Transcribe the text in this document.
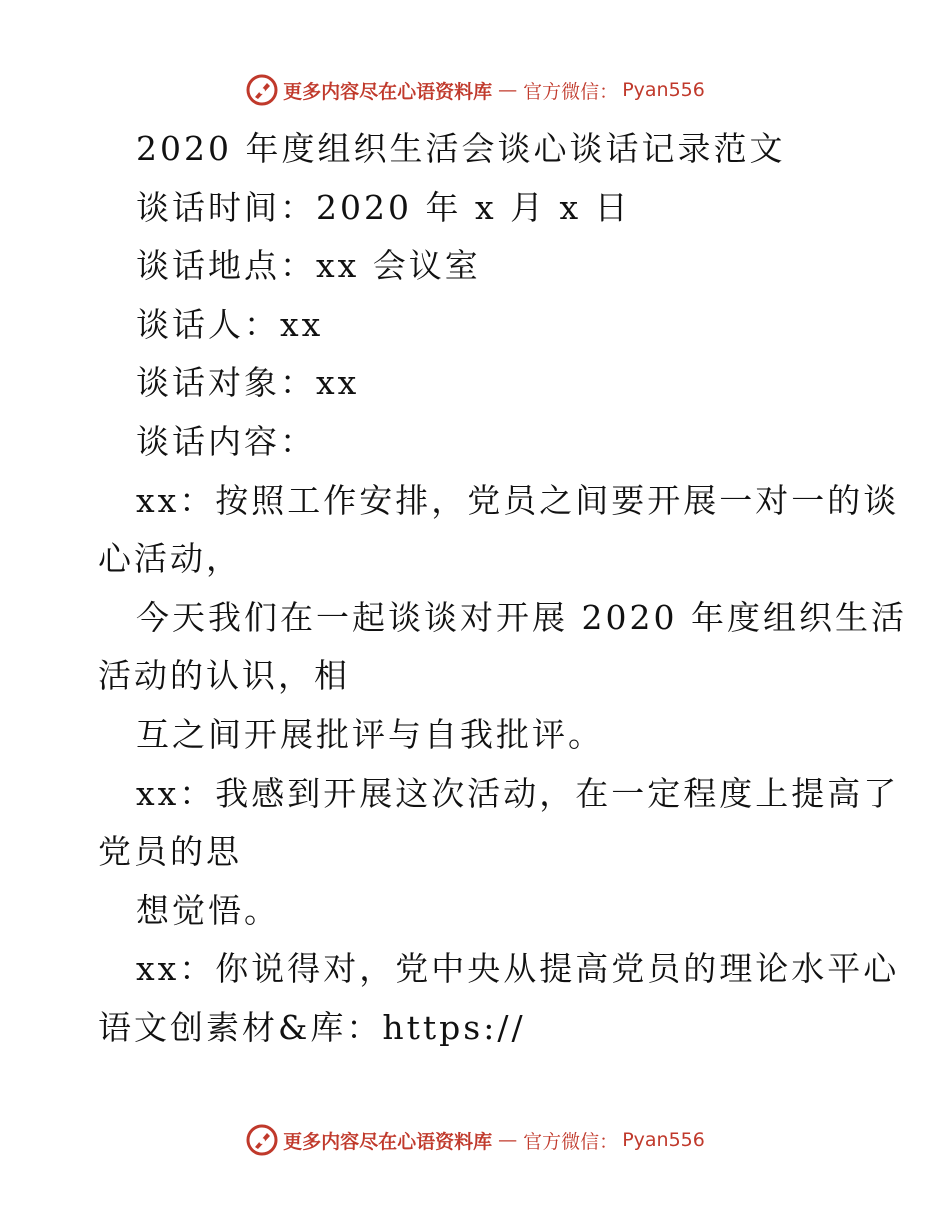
更多内容尽在心语资料库 — 官方微信： Pyan556
2020 年度组织生活会谈心谈话记录范文
谈话时间：2020 年 x 月 x 日
谈话地点：xx 会议室
谈话人：xx
谈话对象：xx
谈话内容：
xx：按照工作安排，党员之间要开展一对一的谈
心活动，
今天我们在一起谈谈对开展 2020 年度组织生活
活动的认识，相
互之间开展批评与自我批评。
xx：我感到开展这次活动，在一定程度上提高了
党员的思
想觉悟。
xx：你说得对，党中央从提高党员的理论水平心
语文创素材&库：https://
更多内容尽在心语资料库 — 官方微信： Pyan556
